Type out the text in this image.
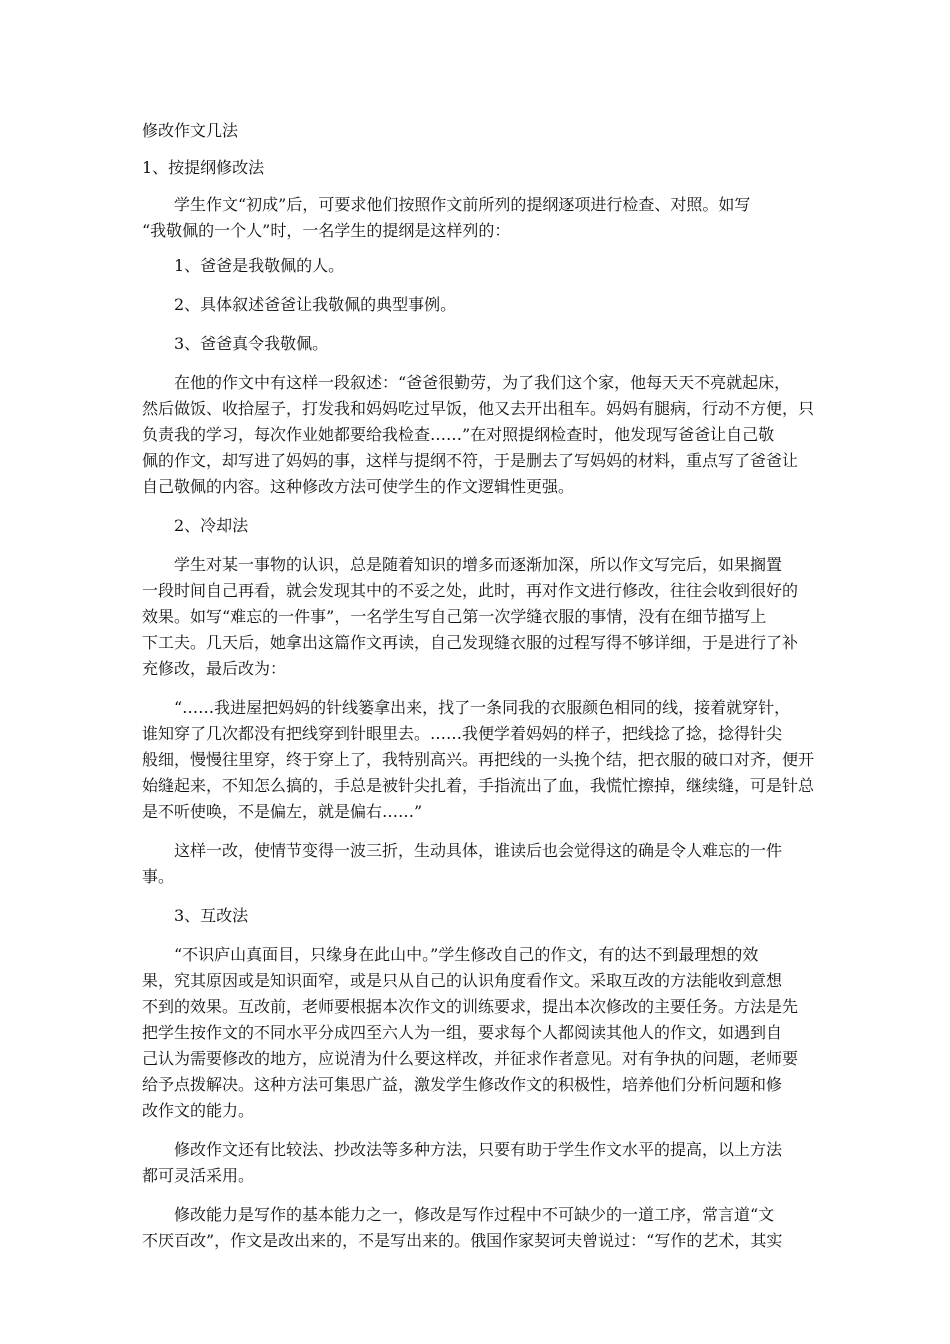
修改作文几法
1、按提纲修改法
学生作文“初成”后，可要求他们按照作文前所列的提纲逐项进行检查、对照。如写
“我敬佩的一个人”时，一名学生的提纲是这样列的：
1、爸爸是我敬佩的人。
2、具体叙述爸爸让我敬佩的典型事例。
3、爸爸真令我敬佩。
在他的作文中有这样一段叙述：“爸爸很勤劳，为了我们这个家，他每天天不亮就起床，
然后做饭、收拾屋子，打发我和妈妈吃过早饭，他又去开出租车。妈妈有腿病，行动不方便，只
负责我的学习，每次作业她都要给我检查……”在对照提纲检查时，他发现写爸爸让自己敬
佩的作文，却写进了妈妈的事，这样与提纲不符，于是删去了写妈妈的材料，重点写了爸爸让
自己敬佩的内容。这种修改方法可使学生的作文逻辑性更强。
2、冷却法
学生对某一事物的认识，总是随着知识的增多而逐渐加深，所以作文写完后，如果搁置
一段时间自己再看，就会发现其中的不妥之处，此时，再对作文进行修改，往往会收到很好的
效果。如写“难忘的一件事”，一名学生写自己第一次学缝衣服的事情，没有在细节描写上
下工夫。几天后，她拿出这篇作文再读，自己发现缝衣服的过程写得不够详细，于是进行了补
充修改，最后改为：
“……我进屋把妈妈的针线篓拿出来，找了一条同我的衣服颜色相同的线，接着就穿针，
谁知穿了几次都没有把线穿到针眼里去。……我便学着妈妈的样子，把线捻了捻，捻得针尖
般细，慢慢往里穿，终于穿上了，我特别高兴。再把线的一头挽个结，把衣服的破口对齐，便开
始缝起来，不知怎么搞的，手总是被针尖扎着，手指流出了血，我慌忙擦掉，继续缝，可是针总
是不听使唤，不是偏左，就是偏右……”
这样一改，使情节变得一波三折，生动具体，谁读后也会觉得这的确是令人难忘的一件
事。
3、互改法
“不识庐山真面目，只缘身在此山中。”学生修改自己的作文，有的达不到最理想的效
果，究其原因或是知识面窄，或是只从自己的认识角度看作文。采取互改的方法能收到意想
不到的效果。互改前，老师要根据本次作文的训练要求，提出本次修改的主要任务。方法是先
把学生按作文的不同水平分成四至六人为一组，要求每个人都阅读其他人的作文，如遇到自
己认为需要修改的地方，应说清为什么要这样改，并征求作者意见。对有争执的问题，老师要
给予点拨解决。这种方法可集思广益，激发学生修改作文的积极性，培养他们分析问题和修
改作文的能力。
修改作文还有比较法、抄改法等多种方法，只要有助于学生作文水平的提高，以上方法
都可灵活采用。
修改能力是写作的基本能力之一，修改是写作过程中不可缺少的一道工序，常言道“文
不厌百改”，作文是改出来的，不是写出来的。俄国作家契诃夫曾说过：“写作的艺术，其实
